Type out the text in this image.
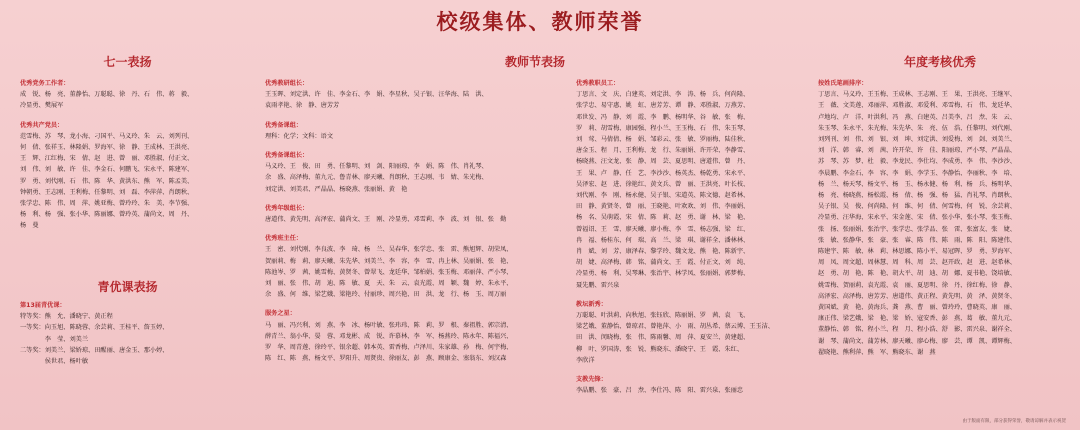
校级集体、教师荣誉
七一表扬	教师节表扬	年度考核优秀
青优课表扬

优秀党务工作者：

成　锐、杨　亮、董静怡、万聪聪、徐　丹、石　伟、蒋　毅、

冷显勇、樊展军

优秀共产党员：

范雪梅、苏　琴、龙小海、刁国平、马义玲、朱　云、刘列刊、

何　倩、张祥玉、林隆娟、罗海军、徐　静、王成林、王洪亮、

王　辉、江红梅、宋　倩、赵　进、曾　丽、邓胜淑、付正文、

刘　伟、刘　敏、许　佳、李金石、何鹏飞、宋永平、陈建军、

罗　勇、刘代刚、石　伟、陈　华、黄洪东、熊　军、陈孟美、

钟朝勇、王志刚、王利梅、任黎明、刘　磊、李萍萍、肖朗秋、

张学忠、陈　伟、周　萍、姚亚梅、曾玲玲、朱　美、李节强、

杨　利、杨　强、张小华、陈丽娜、曾玲英、蒲尚文、周　丹、

杨　曼

第13届青优课：

特等奖：熊　允、潘晓宁、黄正程

一等奖：向玉旭、陈晓蓉、余芸莉、王桂平、詹玉婷、

　　　　李　莹、刘美兰

二等奖：刘美兰、梁娇琼、田醒丽、唐金玉、那小婷、

　　　　侯世君、杨叶敏

优秀教研组长：

王玉晖、刘定洪、许　佳、李金石、李　娟、李星秋、吴子银、汪华海、陆　洪、

袁雨孝艳、徐　静、唐芳芳

优秀备课组：

理科：化学；文科：语文

优秀备课组长：

马义玲、王　俊、田　勇、任黎明、刘　剑、阳丽琼、李　娟、陈　伟、肖礼琴、

余　盛、高泽梅、董九元、鲁青林、廖天曦、肖朗秋、王志刚、韦　婧、朱光梅、

刘定洪、刘美君、严晶晶、杨晓燕、张丽娟、黄　艳

优秀年级组长：

唐道伟、黄先明、高泽宏、蒲尚文、王　刚、冷显勇、邓雪莉、李　波、刘　银、张　勤

优秀班主任：

王　密、刘代刚、李良波、李　琦、杨　兰、吴春华、张学忠、张　雷、熊旭辉、胡荣凤、

贺丽莉、梅　莉、廖天曦、朱先华、刘美兰、李　容、李　雪、冉上林、吴丽娟、张　艳、

陈池岑、罗　茜、姚雪梅、黄贤冬、曾翠飞、龙廷华、邹柏娟、张玉梅、邓丽萍、严小琴、

刘　丽、张　伟、胡　迪、陈　敏、夏　天、朱　云、袁光霞、周　颖、魏　婷、朱永平、

余　盛、何　维、梁艺娥、梁艳玲、付丽珍、周兴艳、田　洪、龙　行、杨　玉、周万丽

服务之星：

马　丽、冯兴利、刘　燕、李　冰、杨叶敏、张玮玮、陈　莉、罗　根、秦祖胜、郭宗清、

薛青兰、翁小华、晏　蓉、邓龙彬、成　锐、许慕林、李　军、杨燕玲、陈永年、陈福兴、

罗　华、周青莲、徐玲平、银余超、韩本英、雷香梅、卢泽川、朱家雄、孙　梅、何宇梅、

陈　红、陈　燕、杨文平、罗阳升、周贤贵、徐丽友、彭　燕、顾康金、塞翁东、刘汉森

优秀教职员工：

丁思言、文　庆、白建英、刘定洪、李　涛、杨　兵、何尚隆、

张学忠、易守惠、姚　虹、唐芳芳、谭　静、邓胜淑、万燕芳、

邓世发、冯　静、刘　霞、李　鹏、杨明华、谷　敏、张　梅、

罗　莉、胡雪梅、康园强、程小兰、王玉梅、石　伟、朱玉琴、

刘　莺、马倩倩、杨　娟、邹彩云、张　敏、罗丽梅、陆佳秋、

唐金玉、程　月、王利梅、龙　行、朱丽娟、许开荣、李静雪、

杨晓燕、汪文龙、张　静、周　芸、夏思明、唐道伟、曾　丹、

王　果、卢　静、任　艺、李沙沙、杨英杰、杨乾勇、宋永平、

吴泽宏、赵　进、徐艳红、黄文兵、曾　丽、王洪亮、叶长枝、

刘代刚、李　刚、杨永健、吴子银、宋道英、陈文德、赵希林、

田　静、黄贤冬、曾　丽、王晓艳、叶欢欢、刘　伟、李丽娟、

杨　名、吴萌霞、宋　倩、陈　莉、赵　勇、谢　林、梁　艳、

曾福诏、王　雪、廖天曦、廖小梅、李　雪、杨志强、梁　红、

冉　福、杨桂东、何　瑞、高　兰、梁　琪、谢祥全、潘林林、

肖　斌、刘　芳、康泽春、黎学玲、魏文龙、熊　艳、陈新宇、

胡　婕、高泽梅、韩　铭、蒲尚文、王　霞、付正文、刘　纯、

冷显勇、杨　利、吴琴琳、张治宇、林学凤、张丽娟、郭梦梅、

聂先鹏、雷兴泉

教坛新秀：

万聪聪、叶洪莉、向秋旭、张钰欣、陈丽娟、罗　茜、袁　飞、

梁艺娥、董静怡、曾琼君、曾艳萍、小　雨、胡丛希、蔡云博、王玉洁、

田　洪、闵晓梅、张　伟、陈雨馨、周　萍、夏安兰、黄建超、

柳　叶、罗国涛、张　锐、熊晓东、潘晓宁、王　霞、朱红、

李欣洋

支教先锋：

李晶鹏、张　豪、吕　焘、李仕冯、陈　阳、雷兴泉、张丽忠

按姓氏笔画排序：

丁思言、马义玲、王玉梅、王成林、王志刚、王　果、王洪亮、王继军、

王　薇、文美莲、邓丽萍、邓胜淑、邓爱利、邓雪梅、石　伟、龙廷华、

卢地均、卢　洋、叶洪利、冯　燕、白建英、吕美李、吕　焘、朱　云、

朱玉琴、朱永平、朱光梅、朱先华、朱　亮、伍　浩、任黎明、刘代刚、

刘列刊、刘　伟、刘　银、刘　坤、刘定洪、刘爱梅、刘　剑、刘美兰、

刘　洋、韩　睿、刘　茜、许开荣、许　佳、阳丽琼、严小琴、严晶晶、

苏　琴、苏　梦、杜　毅、李龙民、李仕均、李成勇、李　伟、李沙沙、

李晨鹏、李金石、李　容、李　娟、李学玉、李静怡、李丽秋、李　培、

杨　兰、杨天琴、杨文平、杨　玉、杨永健、杨　利、杨　兵、杨明华、

杨　亮、杨晓燕、杨松霞、杨　倩、杨　强、杨　猛、肖礼琴、肖朗秋、

吴子银、吴　俊、何尚隆、何　维、何　倩、何雪梅、何　锐、余芸莉、

冷显勇、汪华海、宋永平、宋金莲、宋　倩、张小华、张小琴、张玉梅、

张　扬、张丽娟、张治宇、张学忠、张学品、张　雷、张富友、张　婕、

张　敏、张静华、张　豪、张　睿、陈　伟、陈　雨、陈　阳、陈建伟、

陈建宇、陈　敏、林　莉、林思娜、陈小平、易冠晖、罗　勇、罗海军、

周　凤、周文超、周林慧、周　科、周　芸、赵开政、赵　进、赵希林、

赵　勇、胡　艳、陈　艳、胡大平、胡　迪、胡　娜、夏书艳、饶培敏、

姚雪梅、贺丽莉、袁光霞、袁　丽、夏思明、徐　丹、徐红梅、徐　静、

高泽宏、高泽梅、唐芳芳、唐道伟、黄正程、黄先明、黄　泽、黄贤冬、

黄国斌、黄　艳、黄海兵、龚　燕、曹　丽、曾玲玲、曹晓英、康　丽、

康正伟、梁艺娥、梁　艳、梁　娇、寇安香、彭　燕、葛　敏、董九元、

董静怡、韩　铭、程小兰、程　月、程小浩、舒　影、雷兴泉、谢祥全、

谢　琴、蒲尚文、蒲芳林、廖天曦、廖心梅、廖　芸、谭　凯、谭辉梅、

翟晓艳、熊利萍、熊　军、熊晓东、谢　燕

由于版面有限，部分获得荣誉，敬请谅解并表示祝贺
